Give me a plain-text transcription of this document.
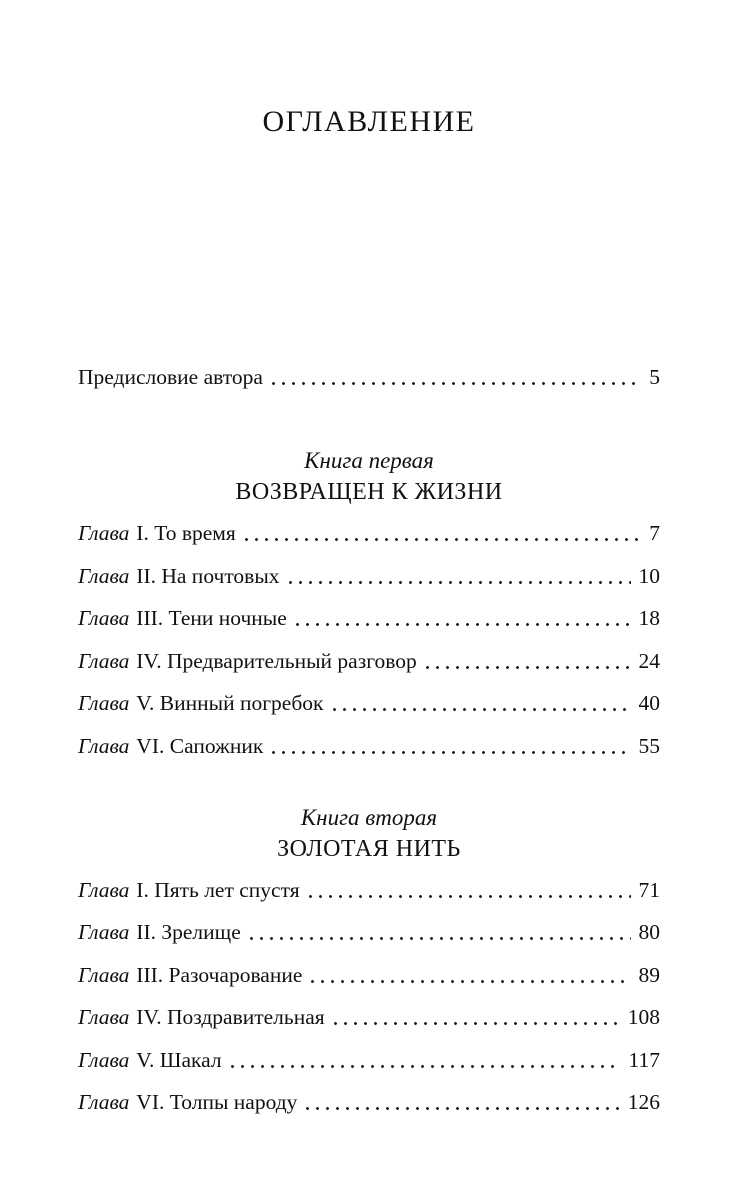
ОГЛАВЛЕНИЕ
Предисловие автора	5
Книга первая
ВОЗВРАЩЕН К ЖИЗНИ
Глава I. То время	7
Глава II. На почтовых	10
Глава III. Тени ночные	18
Глава IV. Предварительный разговор	24
Глава V. Винный погребок	40
Глава VI. Сапожник	55
Книга вторая
ЗОЛОТАЯ НИТЬ
Глава I. Пять лет спустя	71
Глава II. Зрелище	80
Глава III. Разочарование	89
Глава IV. Поздравительная	108
Глава V. Шакал	117
Глава VI. Толпы народу	126
